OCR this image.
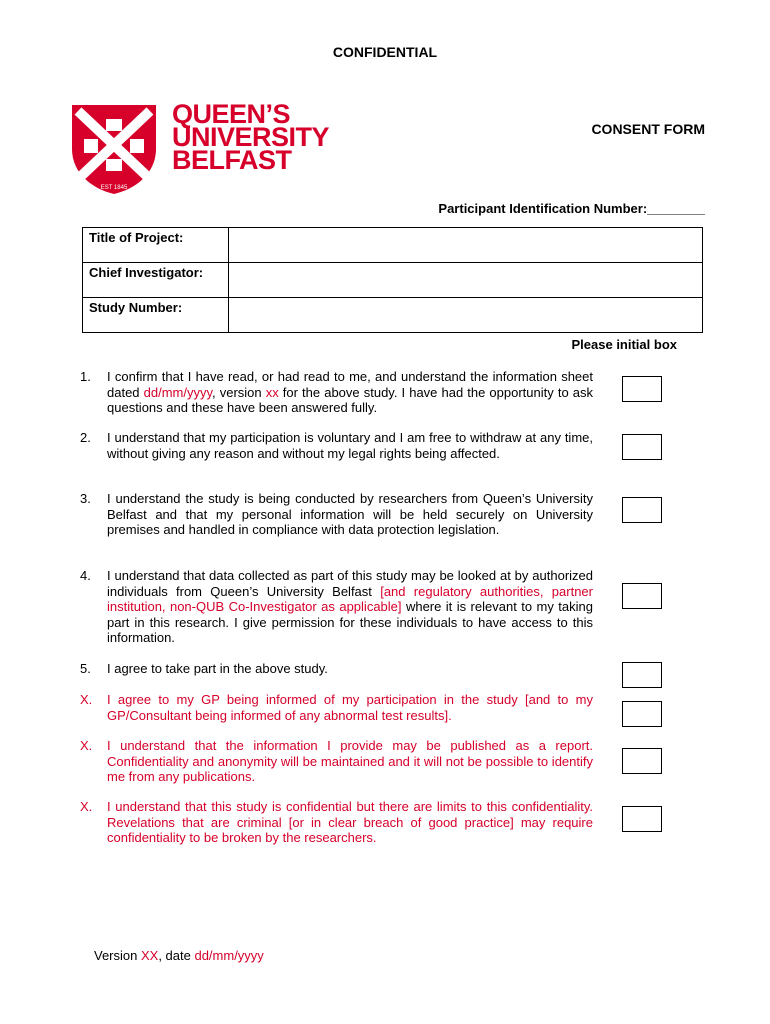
CONFIDENTIAL
EST 1845
QUEEN’S
UNIVERSITY
BELFAST
CONSENT FORM
Participant Identification Number:________
Title of Project:	
Chief Investigator:	
Study Number:	
Please initial box
1.	I confirm that I have read, or had read to me, and understand the information sheet dated dd/mm/yyyy, version xx for the above study. I have had the opportunity to ask questions and these have been answered fully.
2.	I understand that my participation is voluntary and I am free to withdraw at any time, without giving any reason and without my legal rights being affected.
3.	I understand the study is being conducted by researchers from Queen’s University Belfast and that my personal information will be held securely on University premises and handled in compliance with data protection legislation.
4.	I understand that data collected as part of this study may be looked at by authorized individuals from Queen’s University Belfast [and regulatory authorities, partner institution, non-QUB Co-Investigator as applicable] where it is relevant to my taking part in this research. I give permission for these individuals to have access to this information.
5.	I agree to take part in the above study.
X.	I agree to my GP being informed of my participation in the study [and to my GP/Consultant being informed of any abnormal test results].
X.	I understand that the information I provide may be published as a report. Confidentiality and anonymity will be maintained and it will not be possible to identify me from any publications.
X.	I understand that this study is confidential but there are limits to this confidentiality. Revelations that are criminal [or in clear breach of good practice] may require confidentiality to be broken by the researchers.
Version XX, date dd/mm/yyyy
